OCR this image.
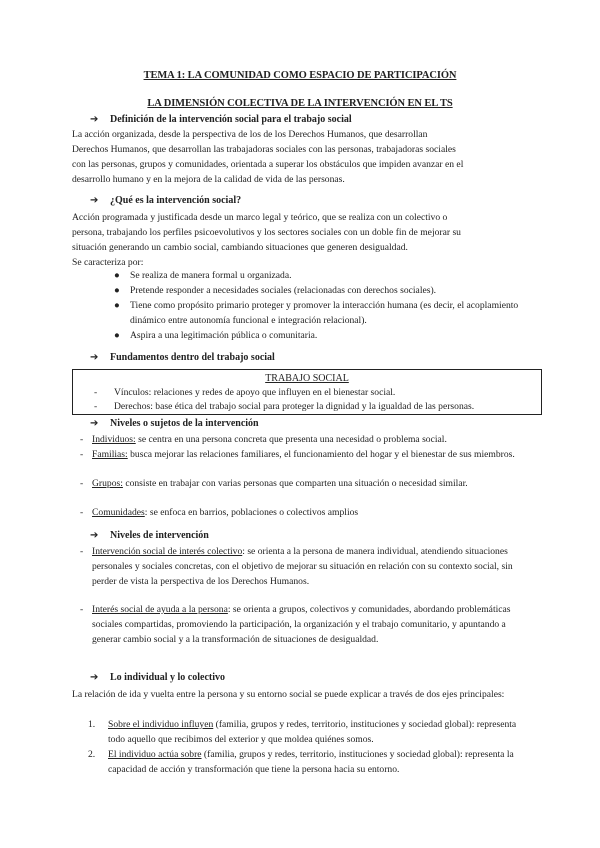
TEMA 1: LA COMUNIDAD COMO ESPACIO DE PARTICIPACIÓN
LA DIMENSIÓN COLECTIVA DE LA INTERVENCIÓN EN EL TS
➔ Definición de la intervención social para el trabajo social
La acción organizada, desde la perspectiva de los de los Derechos Humanos, que desarrollan
Derechos Humanos, que desarrollan las trabajadoras sociales con las personas, trabajadoras sociales
con las personas, grupos y comunidades, orientada a superar los obstáculos que impiden avanzar en el
desarrollo humano y en la mejora de la calidad de vida de las personas.
➔ ¿Qué es la intervención social?
Acción programada y justificada desde un marco legal y teórico, que se realiza con un colectivo o
persona, trabajando los perfiles psicoevolutivos y los sectores sociales con un doble fin de mejorar su
situación generando un cambio social, cambiando situaciones que generen desigualdad.
Se caracteriza por:
● Se realiza de manera formal u organizada.
● Pretende responder a necesidades sociales (relacionadas con derechos sociales).
● Tiene como propósito primario proteger y promover la interacción humana (es decir, el acoplamiento dinámico entre autonomía funcional e integración relacional).
● Aspira a una legitimación pública o comunitaria.
➔ Fundamentos dentro del trabajo social
TRABAJO SOCIAL
- Vínculos: relaciones y redes de apoyo que influyen en el bienestar social.
- Derechos: base ética del trabajo social para proteger la dignidad y la igualdad de las personas.
➔ Niveles o sujetos de la intervención
- Individuos: se centra en una persona concreta que presenta una necesidad o problema social.
- Familias: busca mejorar las relaciones familiares, el funcionamiento del hogar y el bienestar de sus miembros.
- Grupos: consiste en trabajar con varias personas que comparten una situación o necesidad similar.
- Comunidades: se enfoca en barrios, poblaciones o colectivos amplios
➔ Niveles de intervención
- Intervención social de interés colectivo: se orienta a la persona de manera individual, atendiendo situaciones personales y sociales concretas, con el objetivo de mejorar su situación en relación con su contexto social, sin perder de vista la perspectiva de los Derechos Humanos.
- Interés social de ayuda a la persona: se orienta a grupos, colectivos y comunidades, abordando problemáticas sociales compartidas, promoviendo la participación, la organización y el trabajo comunitario, y apuntando a generar cambio social y a la transformación de situaciones de desigualdad.
➔ Lo individual y lo colectivo
La relación de ida y vuelta entre la persona y su entorno social se puede explicar a través de dos ejes principales:
1. Sobre el individuo influyen (familia, grupos y redes, territorio, instituciones y sociedad global): representa todo aquello que recibimos del exterior y que moldea quiénes somos.
2. El individuo actúa sobre (familia, grupos y redes, territorio, instituciones y sociedad global): representa la capacidad de acción y transformación que tiene la persona hacia su entorno.
